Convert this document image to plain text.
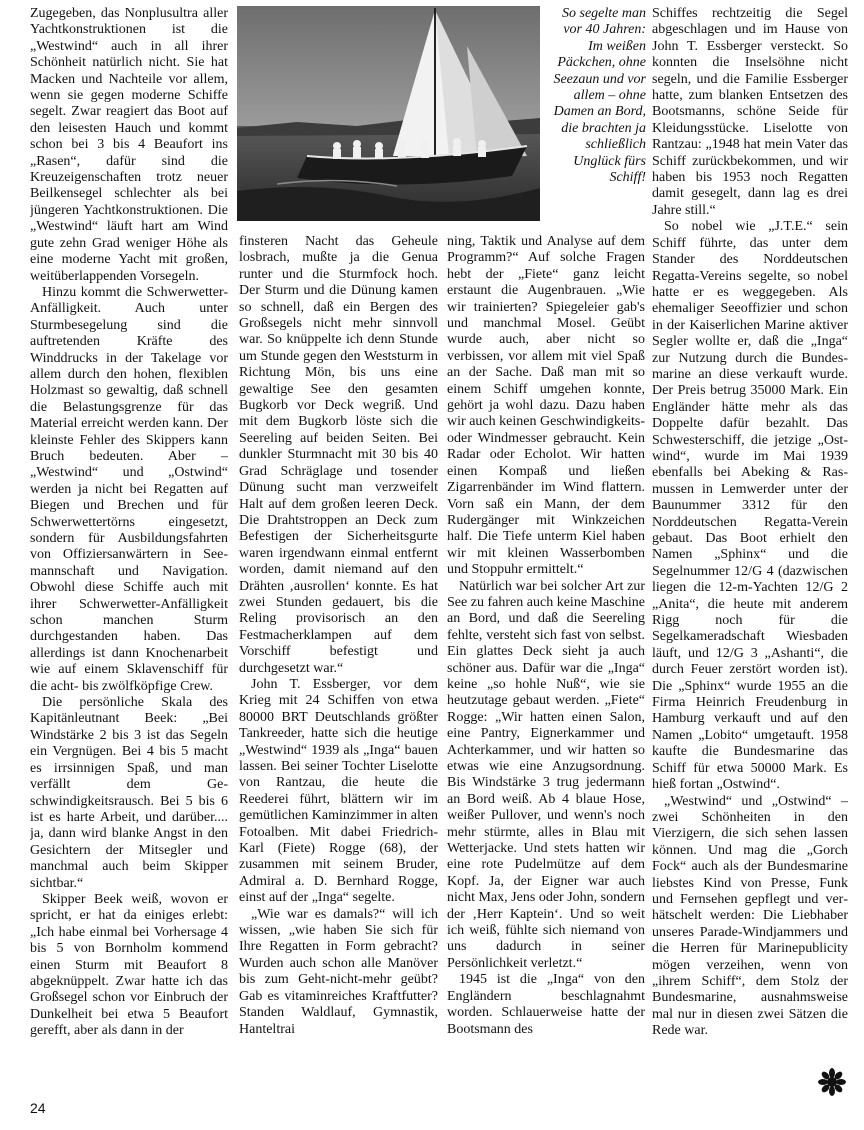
Zugegeben, das Nonplusultra aller Yachtkonstruktionen ist die „Westwind“ auch in all ihrer Schönheit natürlich nicht. Sie hat Macken und Nachteile vor allem, wenn sie gegen moderne Schiffe segelt. Zwar reagiert das Boot auf den leisesten Hauch und kommt schon bei 3 bis 4 Beaufort ins „Rasen“, dafür sind die Kreuzeigenschaften trotz neuer Beilkensegel schlechter als bei jüngeren Yachtkonstruktionen. Die „Westwind“ läuft hart am Wind gute zehn Grad weniger Höhe als eine moderne Yacht mit großen, weitüberlappenden Vorsegeln.

Hinzu kommt die Schwerwetter-Anfälligkeit. Auch unter Sturmbesegelung sind die auftretenden Kräfte des Winddrucks in der Takelage vor allem durch den hohen, flexiblen Holzmast so gewaltig, daß schnell die Belastungsgrenze für das Material erreicht werden kann. Der kleinste Fehler des Skippers kann Bruch bedeuten. Aber – „Westwind“ und „Ostwind“ werden ja nicht bei Regatten auf Biegen und Brechen und für Schwerwettertörns eingesetzt, sondern für Ausbildungsfahrten von Offiziersanwärtern in Seemannschaft und Navigation. Obwohl diese Schiffe auch mit ihrer Schwerwetter-Anfälligkeit schon manchen Sturm durchgestanden haben. Das allerdings ist dann Knochenarbeit wie auf einem Sklavenschiff für die acht- bis zwölfköpfige Crew.

Die persönliche Skala des Kapitänleutnant Beek: „Bei Windstärke 2 bis 3 ist das Segeln ein Vergnügen. Bei 4 bis 5 macht es irrsinnigen Spaß, und man verfällt dem Geschwindigkeitsrausch. Bei 5 bis 6 ist es harte Arbeit, und darüber.... ja, dann wird blanke Angst in den Gesichtern der Mitsegler und manchmal auch beim Skipper sichtbar.“

Skipper Beek weiß, wovon er spricht, er hat da einiges erlebt: „Ich habe einmal bei Vorhersage 4 bis 5 von Bornholm kommend einen Sturm mit Beaufort 8 abgeknüppelt. Zwar hatte ich das Großsegel schon vor Einbruch der Dunkelheit bei etwa 5 Beaufort gerefft, aber als dann in der

So segelte man vor 40 Jahren: Im weißen Päckchen, ohne Seezaun und vor allem – ohne Damen an Bord, die brachten ja schließlich Unglück fürs Schiff!

finsteren Nacht das Geheule losbrach, mußte ja die Genua runter und die Sturmfock hoch. Der Sturm und die Dünung kamen so schnell, daß ein Bergen des Großsegels nicht mehr sinnvoll war. So knüppelte ich denn Stunde um Stunde gegen den Weststurm in Richtung Mön, bis uns eine gewaltige See den gesamten Bugkorb vor Deck wegriß. Und mit dem Bugkorb löste sich die Seereling auf beiden Seiten. Bei dunkler Sturmnacht mit 30 bis 40 Grad Schräglage und tosender Dünung sucht man verzweifelt Halt auf dem großen leeren Deck. Die Drahtstroppen an Deck zum Befestigen der Sicherheitsgurte waren irgendwann einmal entfernt worden, damit niemand auf den Drähten ‚ausrollen‘ konnte. Es hat zwei Stunden gedauert, bis die Reling provisorisch an den Festmacherklampen auf dem Vorschiff befestigt und durchgesetzt war.“

John T. Essberger, vor dem Krieg mit 24 Schiffen von etwa 80000 BRT Deutschlands größter Tankreeder, hatte sich die heutige „Westwind“ 1939 als „Inga“ bauen lassen. Bei seiner Tochter Liselotte von Rantzau, die heute die Reederei führt, blättern wir im gemütlichen Kaminzimmer in alten Fotoalben. Mit dabei Friedrich-Karl (Fiete) Rogge (68), der zusammen mit seinem Bruder, Admiral a. D. Bernhard Rogge, einst auf der „Inga“ segelte.

„Wie war es damals?“ will ich wissen, „wie haben Sie sich für Ihre Regatten in Form gebracht? Wurden auch schon alle Manöver bis zum Geht-nicht-mehr geübt? Gab es vitaminreiches Kraftfutter? Standen Waldlauf, Gymnastik, Hanteltrai

ning, Taktik und Analyse auf dem Programm?“ Auf solche Fragen hebt der „Fiete“ ganz leicht erstaunt die Augenbrauen. „Wie wir trainierten? Spiegeleier gab's und manchmal Mosel. Geübt wurde auch, aber nicht so verbissen, vor allem mit viel Spaß an der Sache. Daß man mit so einem Schiff umgehen konnte, gehört ja wohl dazu. Dazu haben wir auch keinen Geschwindigkeits- oder Windmesser gebraucht. Kein Radar oder Echolot. Wir hatten einen Kompaß und ließen Zigarrenbänder im Wind flattern. Vorn saß ein Mann, der dem Rudergänger mit Winkzeichen half. Die Tiefe unterm Kiel haben wir mit kleinen Wasserbomben und Stoppuhr ermittelt.“

Natürlich war bei solcher Art zur See zu fahren auch keine Maschine an Bord, und daß die Seereling fehlte, versteht sich fast von selbst. Ein glattes Deck sieht ja auch schöner aus. Dafür war die „Inga“ keine „so hohle Nuß“, wie sie heutzutage gebaut werden. „Fiete“ Rogge: „Wir hatten einen Salon, eine Pantry, Eignerkammer und Achterkammer, und wir hatten so etwas wie eine Anzugsordnung. Bis Windstärke 3 trug jedermann an Bord weiß. Ab 4 blaue Hose, weißer Pullover, und wenn's noch mehr stürmte, alles in Blau mit Wetterjacke. Und stets hatten wir eine rote Pudelmütze auf dem Kopf. Ja, der Eigner war auch nicht Max, Jens oder John, sondern der ‚Herr Kaptein‘. Und so weit ich weiß, fühlte sich niemand von uns dadurch in seiner Persönlichkeit verletzt.“

1945 ist die „Inga“ von den Engländern beschlagnahmt worden. Schlauerweise hatte der Bootsmann des

Schiffes rechtzeitig die Segel abgeschlagen und im Hause von John T. Essberger versteckt. So konnten die Inselsöhne nicht segeln, und die Familie Essberger hatte, zum blanken Entsetzen des Bootsmanns, schöne Seide für Kleidungsstücke. Liselotte von Rantzau: „1948 hat mein Vater das Schiff zurückbekommen, und wir haben bis 1953 noch Regatten damit gesegelt, dann lag es drei Jahre still.“

So nobel wie „J.T.E.“ sein Schiff führte, das unter dem Stander des Norddeutschen Regatta-Vereins segelte, so nobel hatte er es weggegeben. Als ehemaliger Seeoffizier und schon in der Kaiserlichen Marine aktiver Segler wollte er, daß die „Inga“ zur Nutzung durch die Bundesmarine an diese verkauft wurde. Der Preis betrug 35000 Mark. Ein Engländer hätte mehr als das Doppelte dafür bezahlt. Das Schwesterschiff, die jetzige „Ostwind“, wurde im Mai 1939 ebenfalls bei Abeking & Rasmussen in Lemwerder unter der Baunummer 3312 für den Norddeutschen Regatta-Verein gebaut. Das Boot erhielt den Namen „Sphinx“ und die Segelnummer 12/G 4 (dazwischen liegen die 12-m-Yachten 12/G 2 „Anita“, die heute mit anderem Rigg noch für die Segelkameradschaft Wiesbaden läuft, und 12/G 3 „Ashanti“, die durch Feuer zerstört worden ist). Die „Sphinx“ wurde 1955 an die Firma Heinrich Freudenburg in Hamburg verkauft und auf den Namen „Lobito“ umgetauft. 1958 kaufte die Bundesmarine das Schiff für etwa 50000 Mark. Es hieß fortan „Ostwind“.

„Westwind“ und „Ostwind“ – zwei Schönheiten in den Vierzigern, die sich sehen lassen können. Und mag die „Gorch Fock“ auch als der Bundesmarine liebstes Kind von Presse, Funk und Fernsehen gepflegt und verhätschelt werden: Die Liebhaber unseres Parade-Windjammers und die Herren für Marinepublicity mögen verzeihen, wenn von „ihrem Schiff“, dem Stolz der Bundesmarine, ausnahmsweise mal nur in diesen zwei Sätzen die Rede war.

24
